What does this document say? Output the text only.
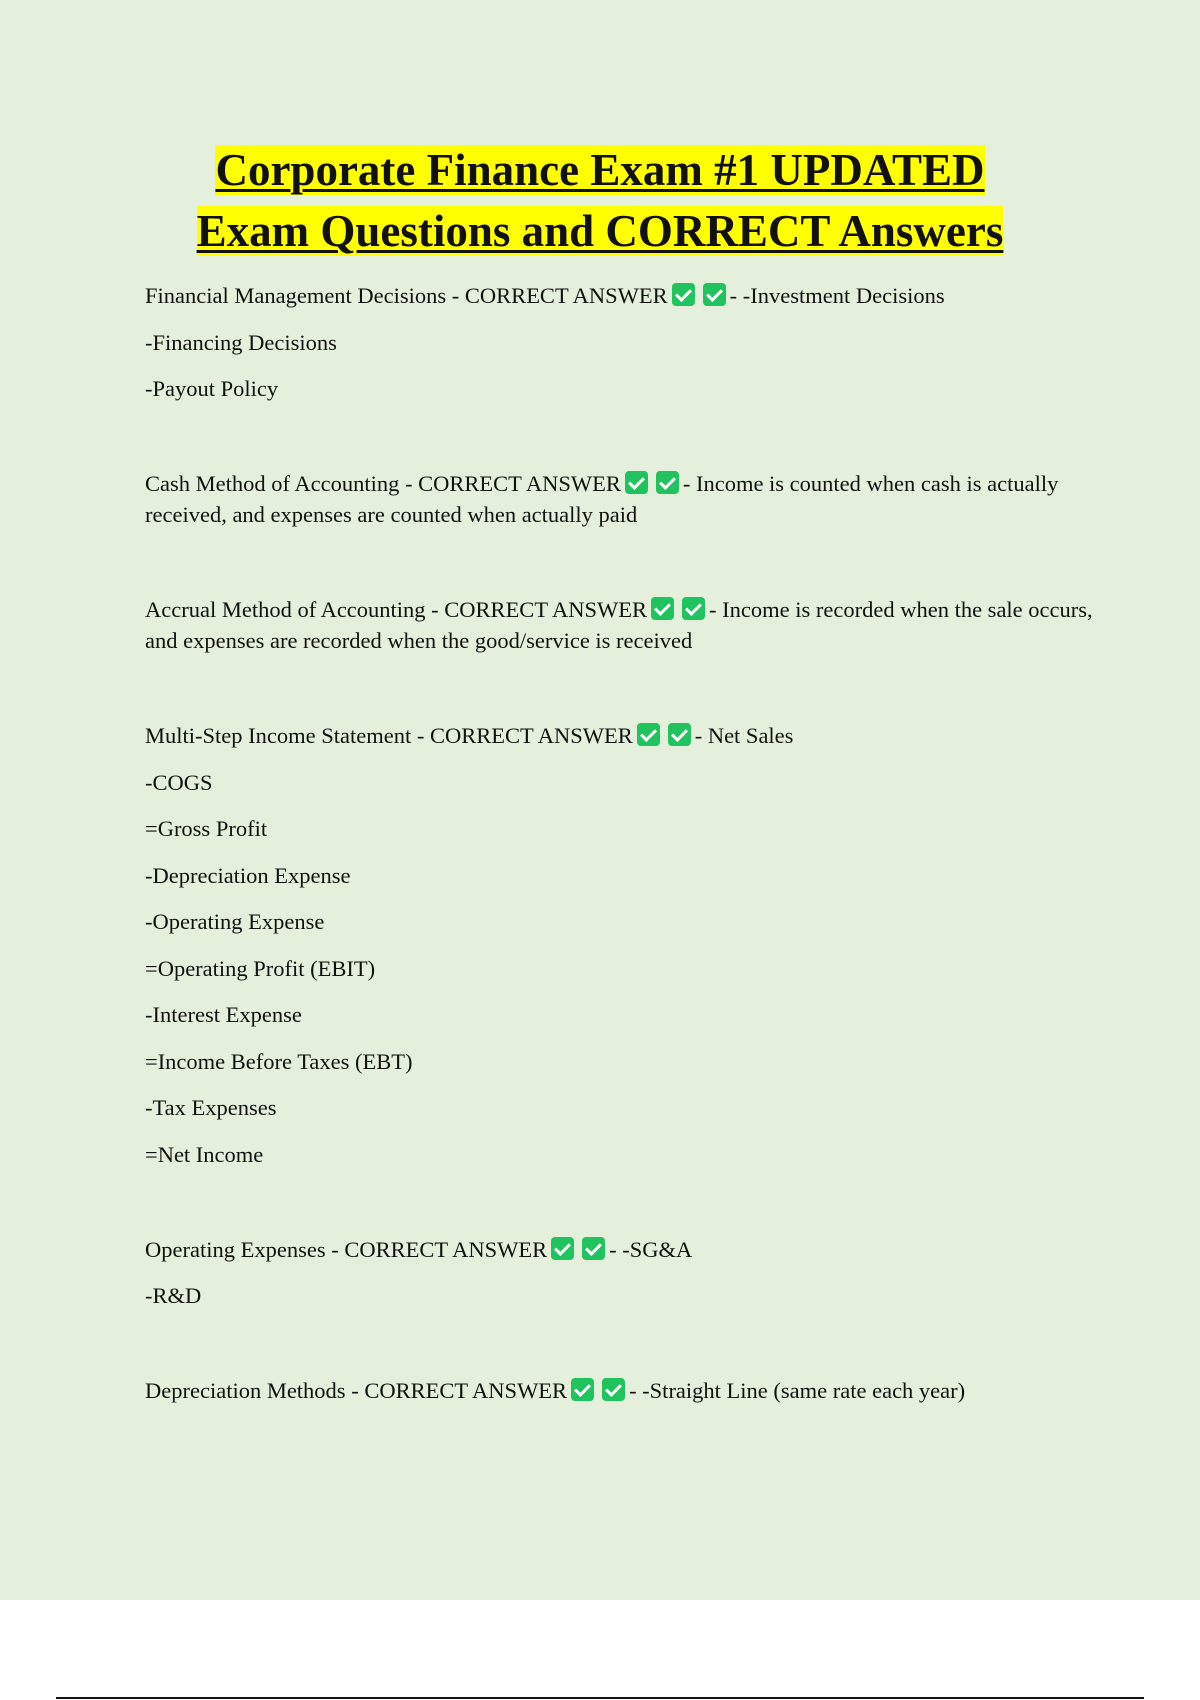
Corporate Finance Exam #1 UPDATED
Exam Questions and CORRECT Answers
Financial Management Decisions - CORRECT ANSWER	- -Investment Decisions
-Financing Decisions
-Payout Policy
Cash Method of Accounting - CORRECT ANSWER	- Income is counted when cash is actually received, and expenses are counted when actually paid
Accrual Method of Accounting - CORRECT ANSWER	- Income is recorded when the sale occurs, and expenses are recorded when the good/service is received
Multi-Step Income Statement - CORRECT ANSWER	- Net Sales
-COGS
=Gross Profit
-Depreciation Expense
-Operating Expense
=Operating Profit (EBIT)
-Interest Expense
=Income Before Taxes (EBT)
-Tax Expenses
=Net Income
Operating Expenses - CORRECT ANSWER	- -SG&A
-R&D
Depreciation Methods - CORRECT ANSWER	- -Straight Line (same rate each year)
